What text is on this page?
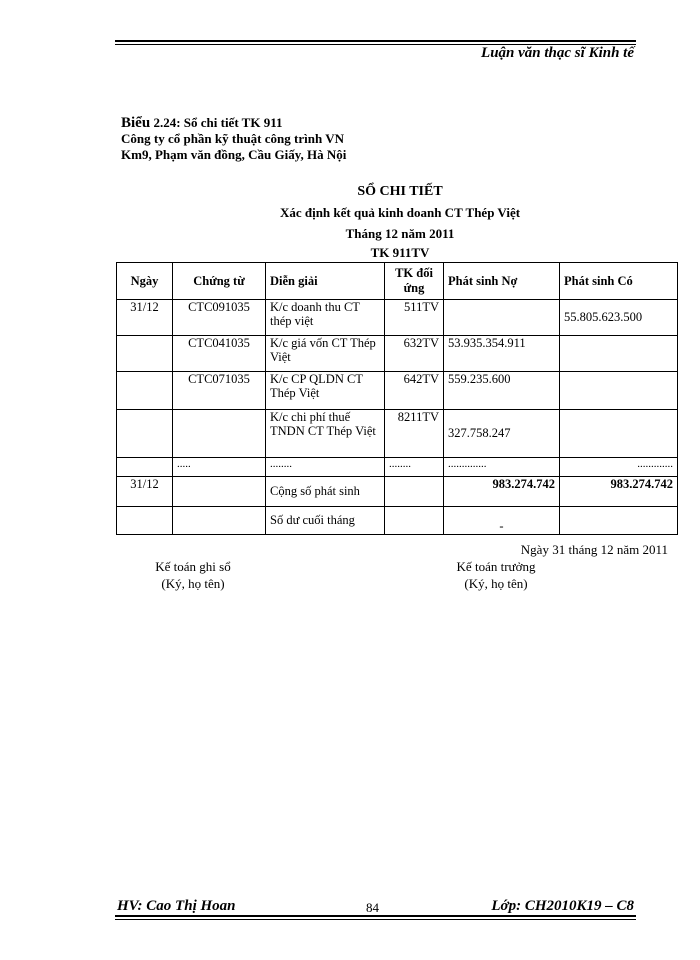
Luận văn thạc sĩ Kinh tế
Biểu 2.24: Sổ chi tiết TK 911
Công ty cổ phần kỹ thuật công trình VN
Km9, Phạm văn đồng, Cầu Giấy, Hà Nội
SỔ CHI TIẾT
Xác định kết quả kinh doanh CT Thép Việt
Tháng 12 năm 2011
TK 911TV
Ngày	Chứng từ	Diễn giải	TK đối ứng	Phát sinh Nợ	Phát sinh Có
31/12	CTC091035	K/c doanh thu CT thép việt	511TV		55.805.623.500
	CTC041035	K/c giá vốn CT Thép Việt	632TV	53.935.354.911	
	CTC071035	K/c CP QLDN CT Thép Việt	642TV	559.235.600	
		K/c chi phí thuế TNDN CT Thép Việt	8211TV	327.758.247	
	.....	........	........	..............	.............
31/12		Cộng số phát sinh		983.274.742	983.274.742
		Số dư cuối tháng		-	
Ngày 31 tháng 12 năm 2011
Kế toán ghi sổ
(Ký, họ tên)
Kế toán trưởng
(Ký, họ tên)
HV: Cao Thị Hoan	84	Lớp: CH2010K19 – C8
